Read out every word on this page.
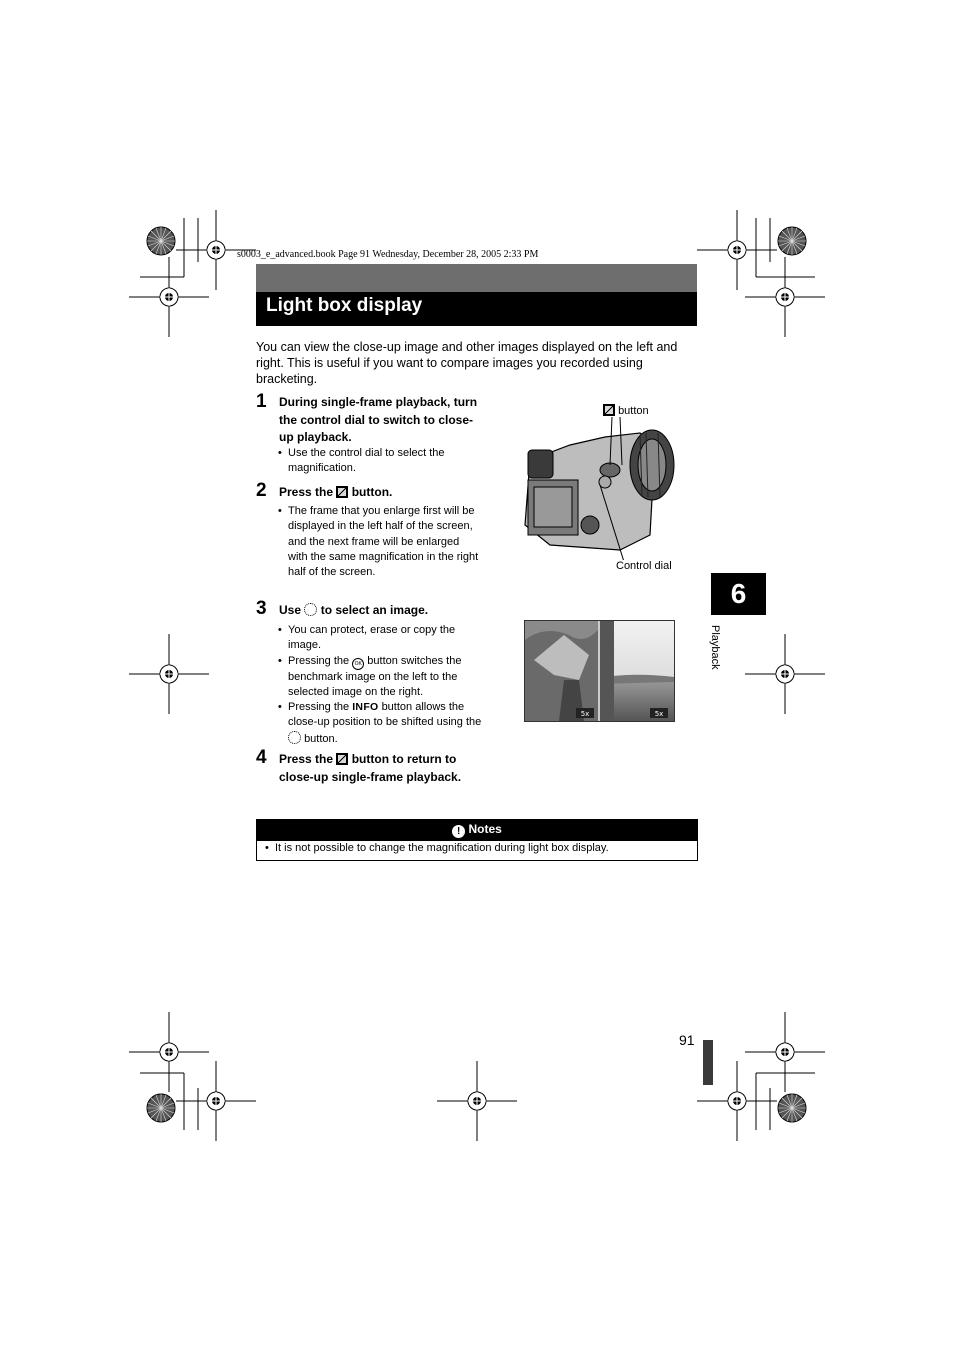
s0003_e_advanced.book Page 91 Wednesday, December 28, 2005 2:33 PM
Light box display
You can view the close-up image and other images displayed on the left and right. This is useful if you want to compare images you recorded using bracketing.
1 During single-frame playback, turn the control dial to switch to close-up playback.
• Use the control dial to select the magnification.
2 Press the button.
• The frame that you enlarge first will be displayed in the left half of the screen, and the next frame will be enlarged with the same magnification in the right half of the screen.
3 Use to select an image.
• You can protect, erase or copy the image.
• Pressing the OK button switches the benchmark image on the left to the selected image on the right.
• Pressing the INFO button allows the close-up position to be shifted using the  button.
4 Press the button to return to close-up single-frame playback.
button
Control dial
5x	5x
! Notes
• It is not possible to change the magnification during light box display.
6
Playback
91
